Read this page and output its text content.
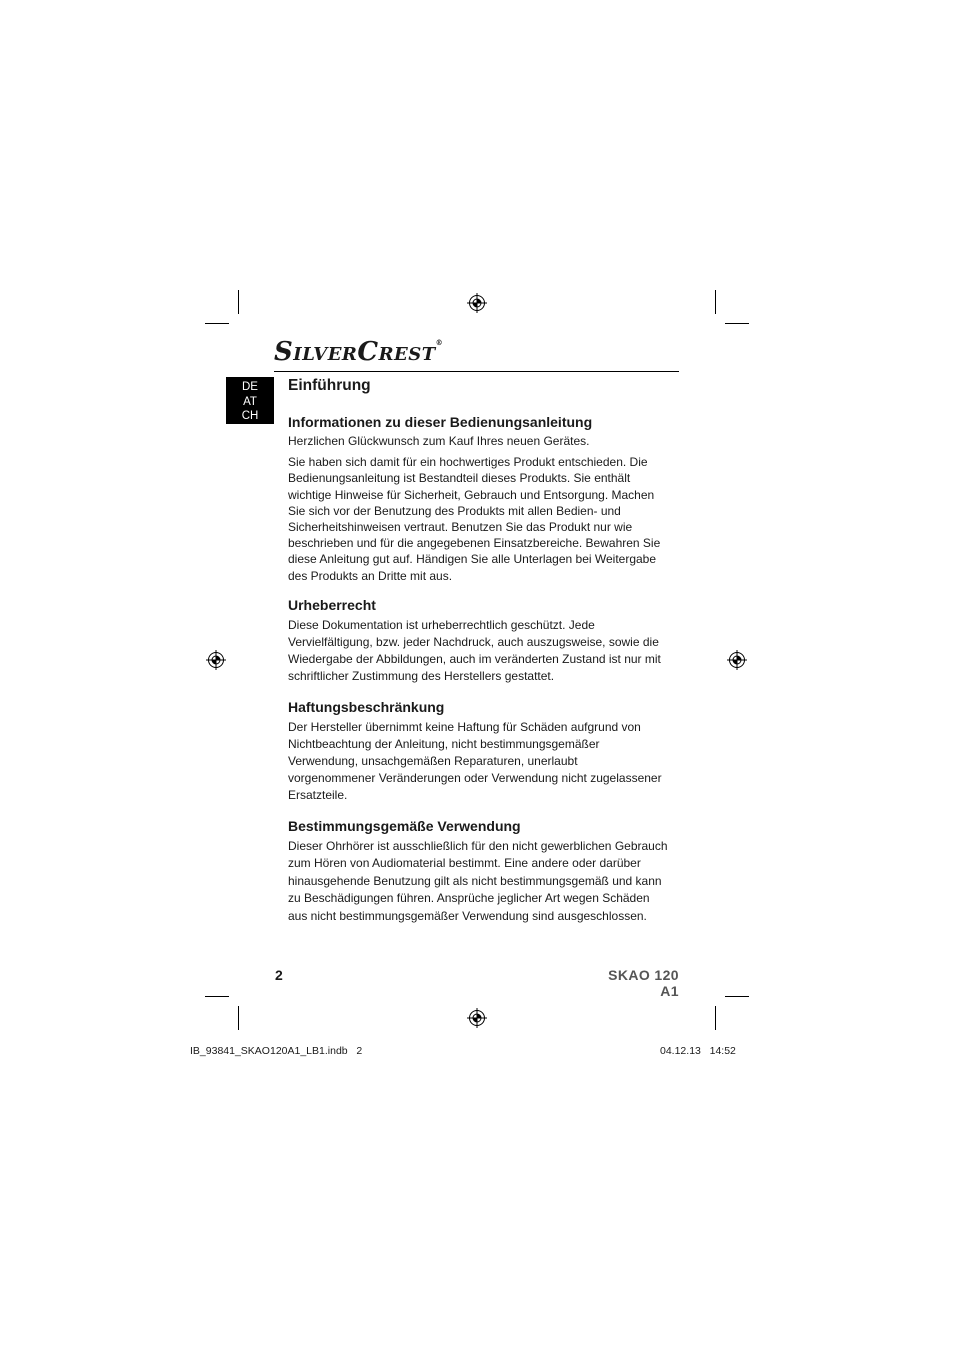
SILVERCREST®
DE
AT
CH
Einführung
Informationen zu dieser Bedienungsanleitung

Herzlichen Glückwunsch zum Kauf Ihres neuen Gerätes.

Sie haben sich damit für ein hochwertiges Produkt entschieden. Die Bedienungsanleitung ist Bestandteil dieses Produkts. Sie enthält wichtige Hinweise für Sicherheit, Gebrauch und Entsorgung. Machen Sie sich vor der Benutzung des Produkts mit allen Bedien- und Sicherheitshinweisen vertraut. Benutzen Sie das Produkt nur wie beschrieben und für die angegebenen Einsatzbereiche. Bewahren Sie diese Anleitung gut auf. Händigen Sie alle Unterlagen bei Weitergabe des Produkts an Dritte mit aus.

Urheberrecht

Diese Dokumentation ist urheberrechtlich geschützt. Jede Vervielfältigung, bzw. jeder Nachdruck, auch auszugsweise, sowie die Wiedergabe der Abbildungen, auch im veränderten Zustand ist nur mit schriftlicher Zustimmung des Herstellers gestattet.

Haftungsbeschränkung

Der Hersteller übernimmt keine Haftung für Schäden aufgrund von Nichtbeachtung der Anleitung, nicht bestimmungsgemäßer Verwendung, unsachgemäßen Reparaturen, unerlaubt vorgenommener Veränderungen oder Verwendung nicht zugelassener Ersatzteile.

Bestimmungsgemäße Verwendung

Dieser Ohrhörer ist ausschließlich für den nicht gewerblichen Gebrauch zum Hören von Audiomaterial bestimmt. Eine andere oder darüber hinausgehende Benutzung gilt als nicht bestimmungsgemäß und kann zu Beschädigungen führen. Ansprüche jeglicher Art wegen Schäden aus nicht bestimmungsgemäßer Verwendung sind ausgeschlossen.

2	SKAO 120 A1
IB_93841_SKAO120A1_LB1.indb   2	04.12.13   14:52
